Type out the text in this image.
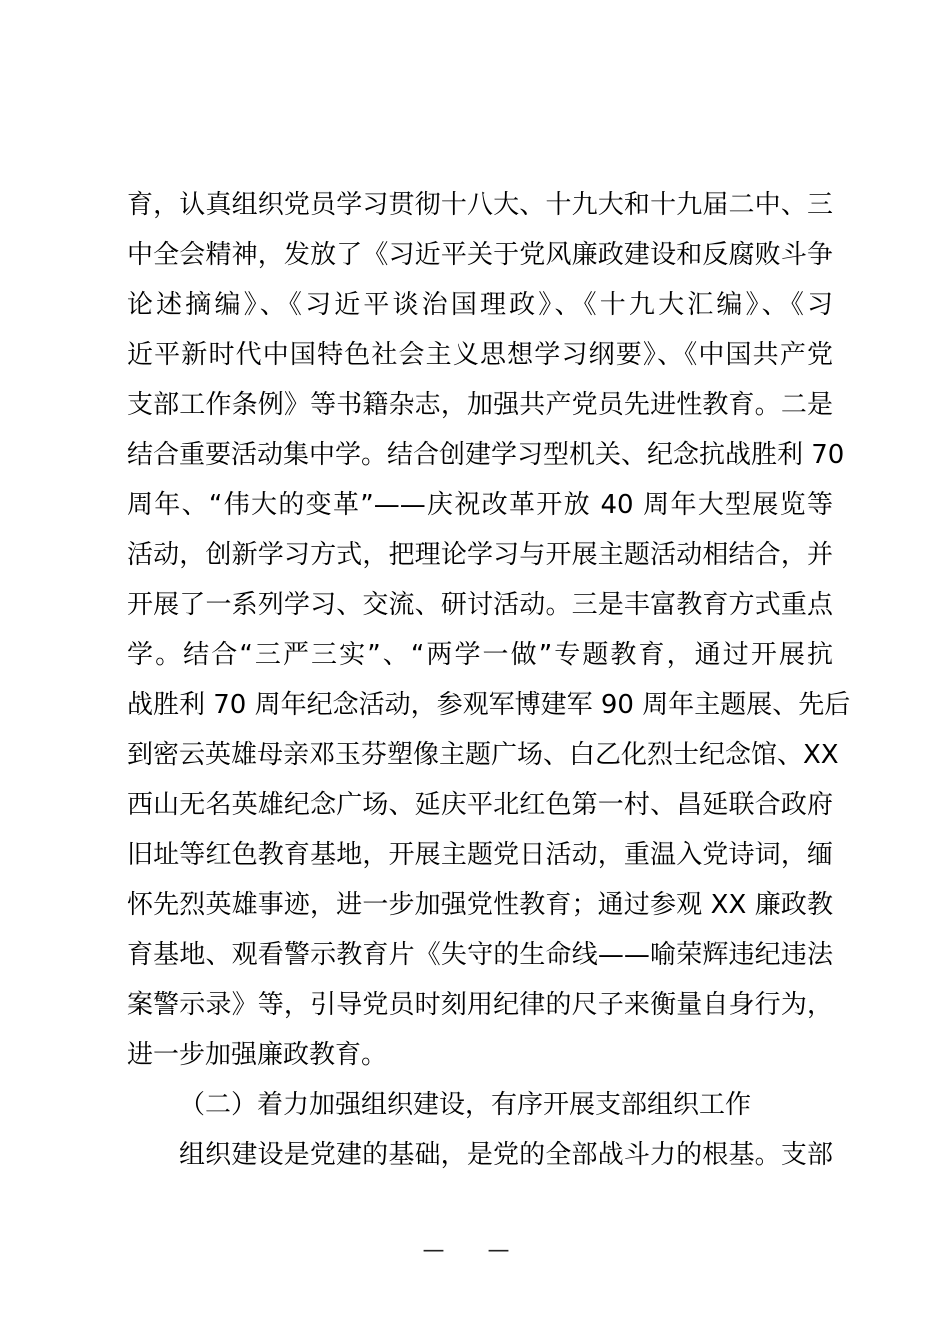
育，认真组织党员学习贯彻十八大、十九大和十九届二中、三
中全会精神，发放了《习近平关于党风廉政建设和反腐败斗争
论述摘编》、《习近平谈治国理政》、《十九大汇编》、《习
近平新时代中国特色社会主义思想学习纲要》、《中国共产党
支部工作条例》等书籍杂志，加强共产党员先进性教育。二是
结合重要活动集中学。结合创建学习型机关、纪念抗战胜利 70
周年、“伟大的变革”——庆祝改革开放 40 周年大型展览等
活动，创新学习方式，把理论学习与开展主题活动相结合，并
开展了一系列学习、交流、研讨活动。三是丰富教育方式重点
学。结合“三严三实”、“两学一做”专题教育，通过开展抗
战胜利 70 周年纪念活动，参观军博建军 90 周年主题展、先后
到密云英雄母亲邓玉芬塑像主题广场、白乙化烈士纪念馆、XX
西山无名英雄纪念广场、延庆平北红色第一村、昌延联合政府
旧址等红色教育基地，开展主题党日活动，重温入党诗词，缅
怀先烈英雄事迹，进一步加强党性教育；通过参观 XX 廉政教
育基地、观看警示教育片《失守的生命线——喻荣辉违纪违法
案警示录》等，引导党员时刻用纪律的尺子来衡量自身行为，
进一步加强廉政教育。
（二）着力加强组织建设，有序开展支部组织工作
组织建设是党建的基础，是党的全部战斗力的根基。支部
— —
